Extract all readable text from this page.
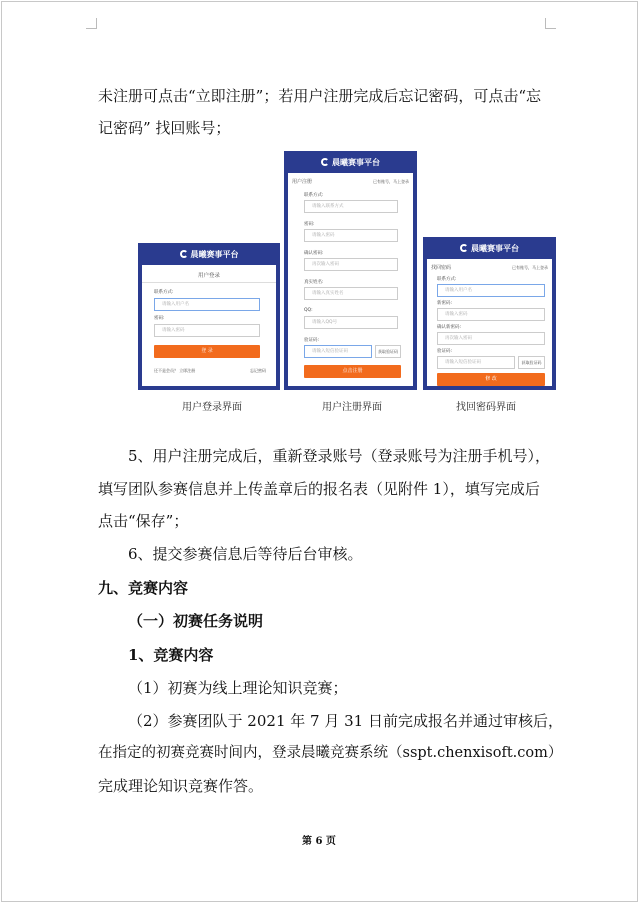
未注册可点击“立即注册”；若用户注册完成后忘记密码，可点击“忘
记密码” 找回账号；
晨曦赛事平台
用户登录
联系方式:
请输入用户名
密码:
请输入密码
登 录
还不是会员？ 立即注册	忘记密码
晨曦赛事平台
用户注册	已有账号，马上登录
联系方式:
请输入联系方式
密码:
请输入密码
确认密码:
再次输入密码
真实姓名:
请输入真实姓名
QQ:
请输入QQ号
验证码:
请输入短信验证码	获取验证码
点击注册
晨曦赛事平台
找回密码	已有账号，马上登录
联系方式:
请输入用户名
新密码:
请输入密码
确认新密码:
再次输入密码
验证码:
请输入短信验证码	获取验证码
修 改
用户登录界面	用户注册界面	找回密码界面
5、用户注册完成后，重新登录账号（登录账号为注册手机号），
填写团队参赛信息并上传盖章后的报名表（见附件 1），填写完成后
点击“保存”；
6、提交参赛信息后等待后台审核。
九、竞赛内容
（一）初赛任务说明
1、竞赛内容
（1）初赛为线上理论知识竞赛；
（2）参赛团队于 2021 年 7 月 31 日前完成报名并通过审核后，
在指定的初赛竞赛时间内，登录晨曦竞赛系统（sspt.chenxisoft.com）
完成理论知识竞赛作答。
第 6 页
